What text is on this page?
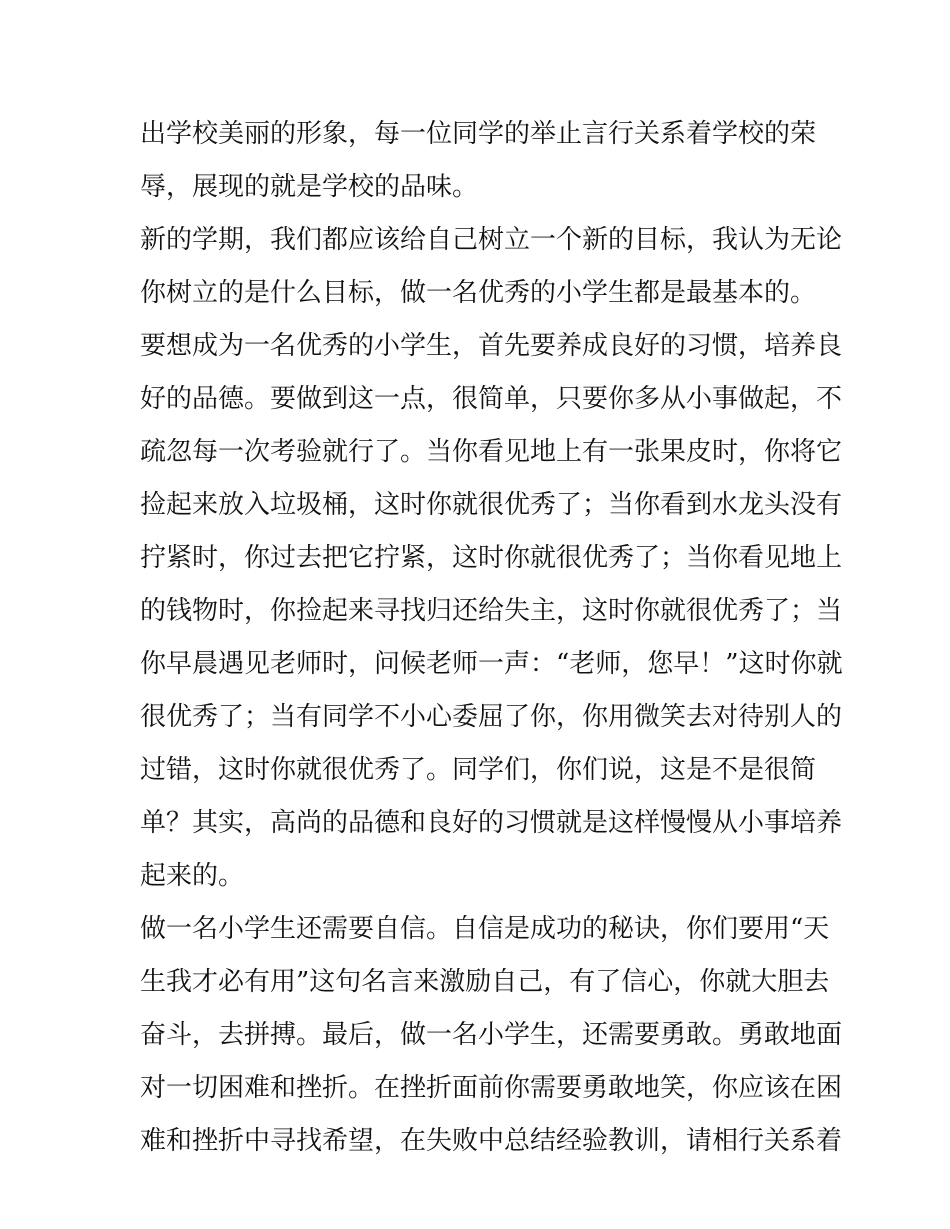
出学校美丽的形象，每一位同学的举止言行关系着学校的荣
辱，展现的就是学校的品味。
新的学期，我们都应该给自己树立一个新的目标，我认为无论
你树立的是什么目标，做一名优秀的小学生都是最基本的。
要想成为一名优秀的小学生，首先要养成良好的习惯，培养良
好的品德。要做到这一点，很简单，只要你多从小事做起，不
疏忽每一次考验就行了。当你看见地上有一张果皮时，你将它
捡起来放入垃圾桶，这时你就很优秀了；当你看到水龙头没有
拧紧时，你过去把它拧紧，这时你就很优秀了；当你看见地上
的钱物时，你捡起来寻找归还给失主，这时你就很优秀了；当
你早晨遇见老师时，问候老师一声：“老师，您早！”这时你就
很优秀了；当有同学不小心委屈了你，你用微笑去对待别人的
过错，这时你就很优秀了。同学们，你们说，这是不是很简
单？其实，高尚的品德和良好的习惯就是这样慢慢从小事培养
起来的。
做一名小学生还需要自信。自信是成功的秘诀，你们要用“天
生我才必有用”这句名言来激励自己，有了信心，你就大胆去
奋斗，去拼搏。最后，做一名小学生，还需要勇敢。勇敢地面
对一切困难和挫折。在挫折面前你需要勇敢地笑，你应该在困
难和挫折中寻找希望，在失败中总结经验教训，请相行关系着
